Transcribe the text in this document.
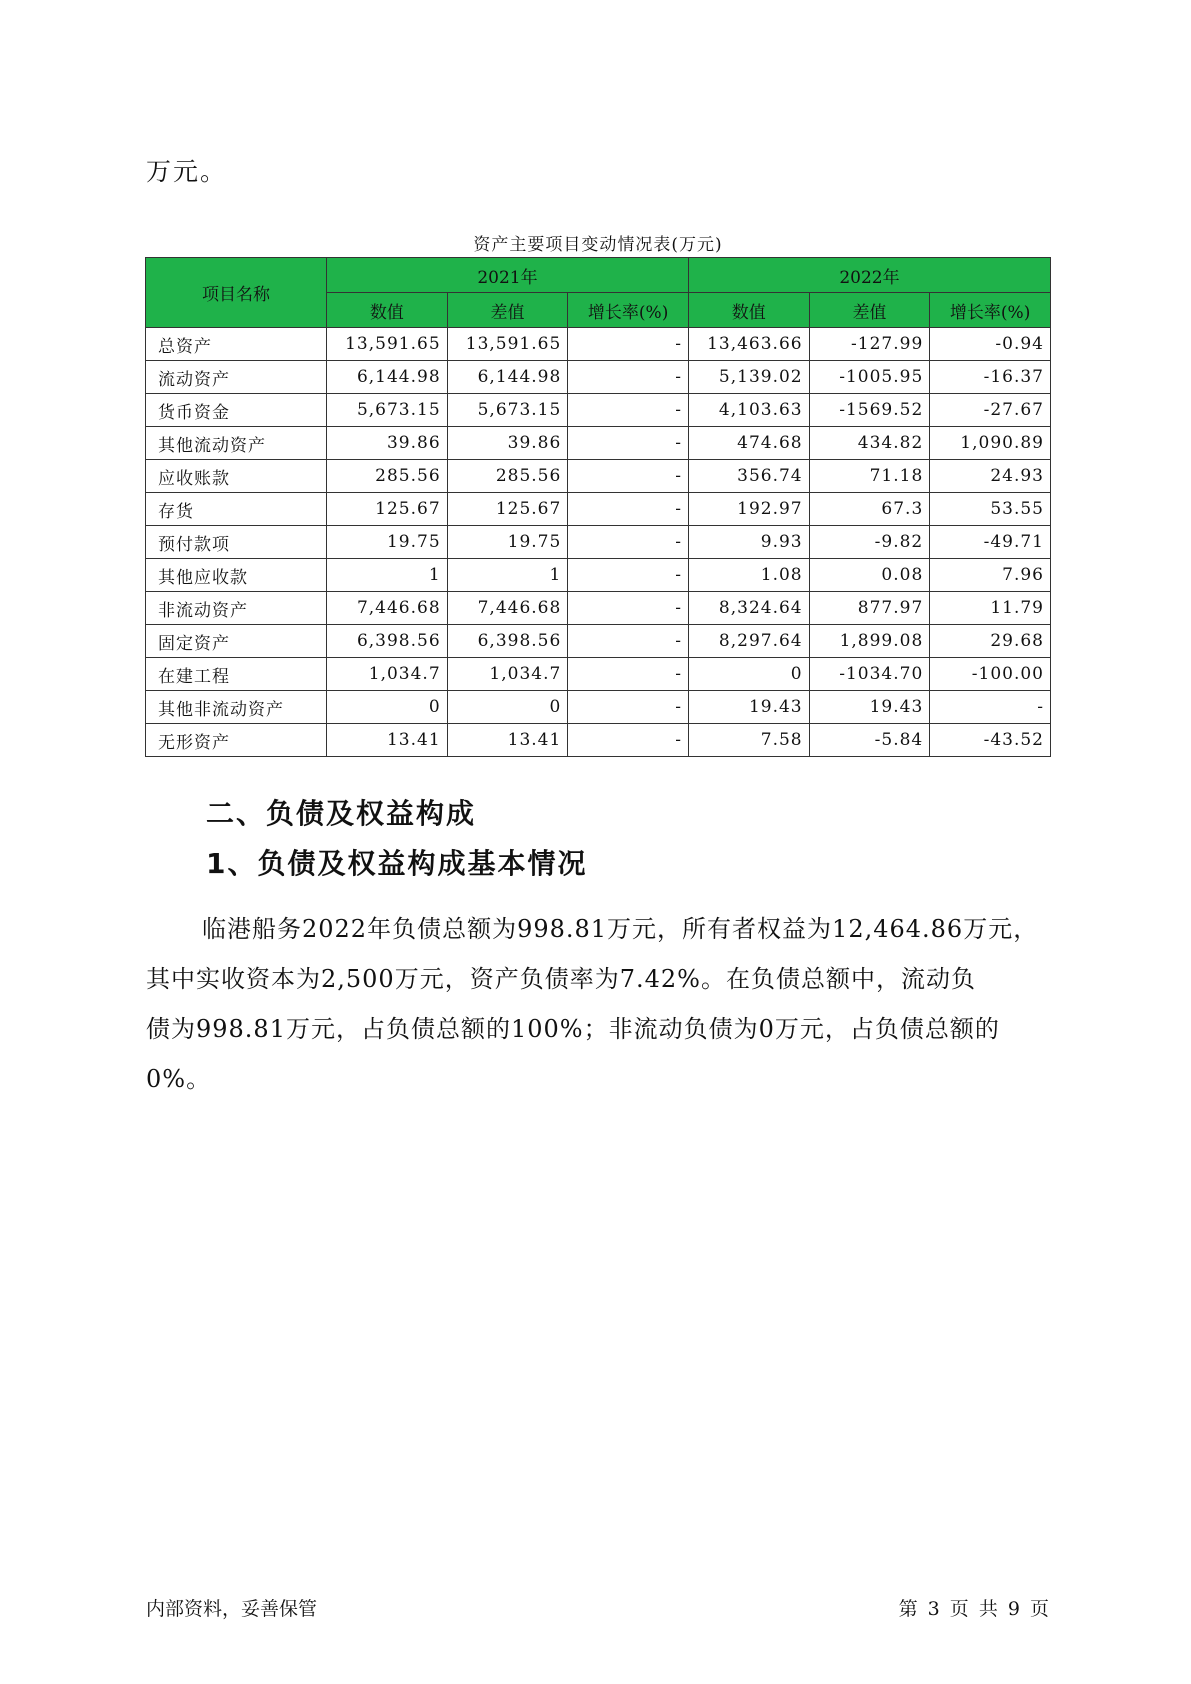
万元。
资产主要项目变动情况表(万元)
项目名称	2021年			2022年		
	数值	差值	增长率(%)	数值	差值	增长率(%)
总资产	13,591.65	13,591.65	-	13,463.66	-127.99	-0.94
流动资产	6,144.98	6,144.98	-	5,139.02	-1005.95	-16.37
货币资金	5,673.15	5,673.15	-	4,103.63	-1569.52	-27.67
其他流动资产	39.86	39.86	-	474.68	434.82	1,090.89
应收账款	285.56	285.56	-	356.74	71.18	24.93
存货	125.67	125.67	-	192.97	67.3	53.55
预付款项	19.75	19.75	-	9.93	-9.82	-49.71
其他应收款	1	1	-	1.08	0.08	7.96
非流动资产	7,446.68	7,446.68	-	8,324.64	877.97	11.79
固定资产	6,398.56	6,398.56	-	8,297.64	1,899.08	29.68
在建工程	1,034.7	1,034.7	-	0	-1034.70	-100.00
其他非流动资产	0	0	-	19.43	19.43	-
无形资产	13.41	13.41	-	7.58	-5.84	-43.52
二、负债及权益构成
1、负债及权益构成基本情况

临港船务2022年负债总额为998.81万元，所有者权益为12,464.86万元，

其中实收资本为2,500万元，资产负债率为7.42%。在负债总额中，流动负

债为998.81万元，占负债总额的100%；非流动负债为0万元，占负债总额的

0%。

内部资料，妥善保管	第 3 页 共 9 页
